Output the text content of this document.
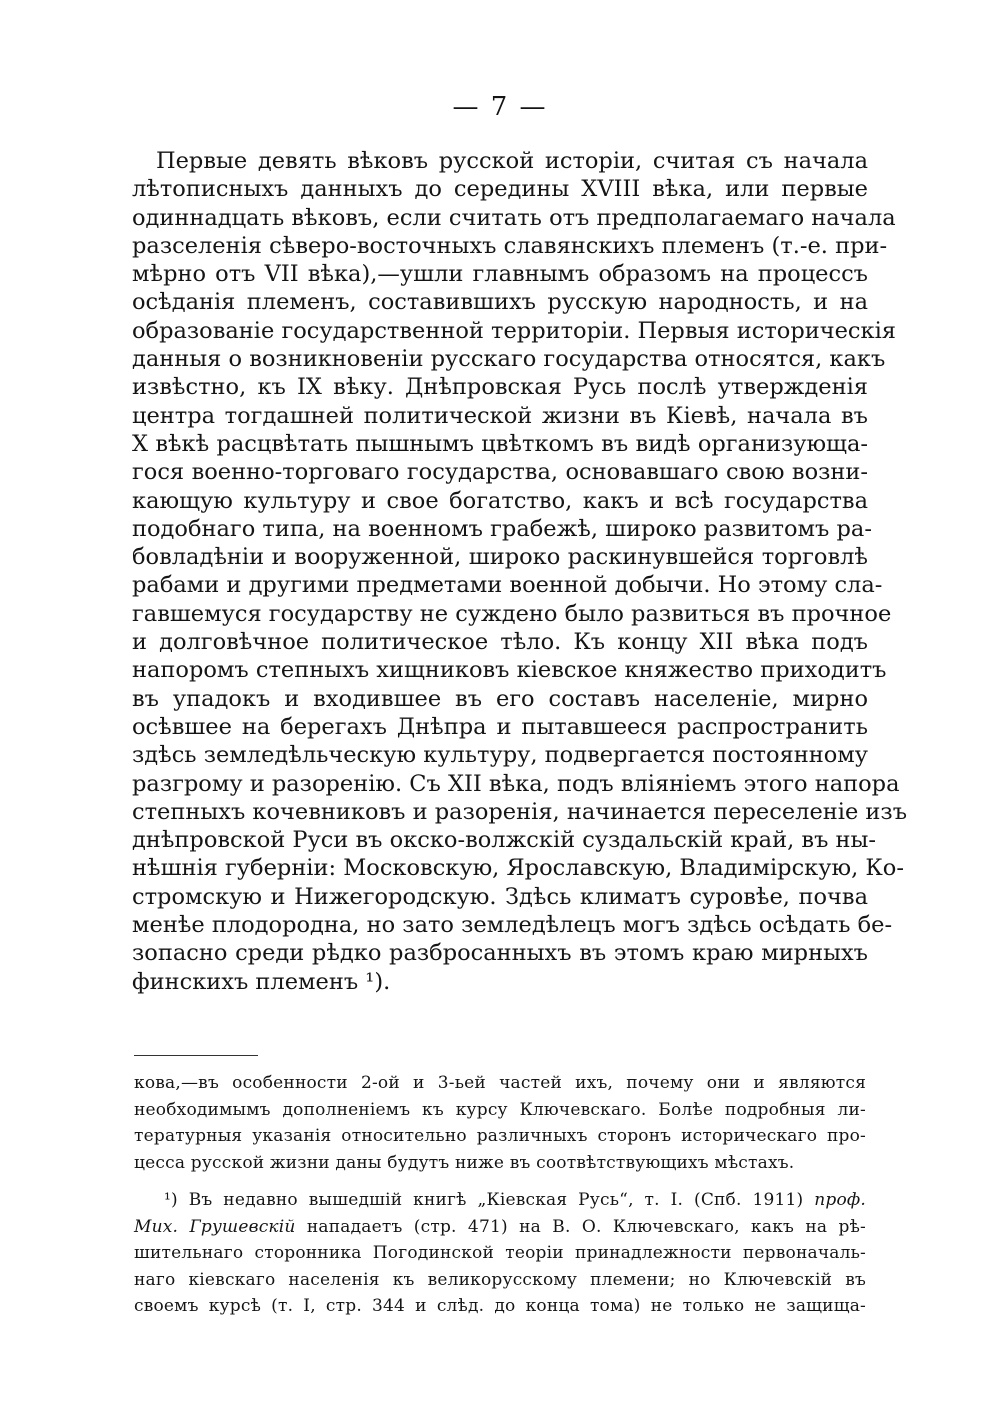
— 7 —
Первые девять вѣковъ русской исторіи, считая съ начала
лѣтописныхъ данныхъ до середины XVIII вѣка, или первые
одиннадцать вѣковъ, если считать отъ предполагаемаго начала
разселенія сѣверо-восточныхъ славянскихъ племенъ (т.-е. при-
мѣрно отъ VII вѣка),—ушли главнымъ образомъ на процессъ
осѣданія племенъ, составившихъ русскую народность, и на
образованіе государственной территоріи. Первыя историческія
данныя о возникновеніи русскаго государства относятся, какъ
извѣстно, къ IX вѣку. Днѣпровская Русь послѣ утвержденія
центра тогдашней политической жизни въ Кіевѣ, начала въ
X вѣкѣ расцвѣтать пышнымъ цвѣткомъ въ видѣ организующа-
гося военно-торговаго государства, основавшаго свою возни-
кающую культуру и свое богатство, какъ и всѣ государства
подобнаго типа, на военномъ грабежѣ, широко развитомъ ра-
бовладѣніи и вооруженной, широко раскинувшейся торговлѣ
рабами и другими предметами военной добычи. Но этому сла-
гавшемуся государству не суждено было развиться въ прочное
и долговѣчное политическое тѣло. Къ концу XII вѣка подъ
напоромъ степныхъ хищниковъ кіевское княжество приходитъ
въ упадокъ и входившее въ его составъ населеніе, мирно
осѣвшее на берегахъ Днѣпра и пытавшееся распространить
здѣсь земледѣльческую культуру, подвергается постоянному
разгрому и разоренію. Съ XII вѣка, подъ вліяніемъ этого напора
степныхъ кочевниковъ и разоренія, начинается переселеніе изъ
днѣпровской Руси въ окско-волжскій суздальскій край, въ ны-
нѣшнія губерніи: Московскую, Ярославскую, Владимірскую, Ко-
стромскую и Нижегородскую. Здѣсь климатъ суровѣе, почва
менѣе плодородна, но зато земледѣлецъ могъ здѣсь осѣдать бе-
зопасно среди рѣдко разбросанныхъ въ этомъ краю мирныхъ
финскихъ племенъ ¹).
кова,—въ особенности 2-ой и 3-ьей частей ихъ, почему они и являются
необходимымъ дополненіемъ къ курсу Ключевскаго. Болѣе подробныя ли-
тературныя указанія относительно различныхъ сторонъ историческаго про-
цесса русской жизни даны будутъ ниже въ соотвѣтствующихъ мѣстахъ.
¹) Въ недавно вышедшій книгѣ „Кіевская Русь“, т. I. (Спб. 1911) проф.
Мих. Грушевскій нападаетъ (стр. 471) на В. О. Ключевскаго, какъ на рѣ-
шительнаго сторонника Погодинской теоріи принадлежности первоначаль-
наго кіевскаго населенія къ великорусскому племени; но Ключевскій въ
своемъ курсѣ (т. I, стр. 344 и слѣд. до конца тома) не только не защища-
